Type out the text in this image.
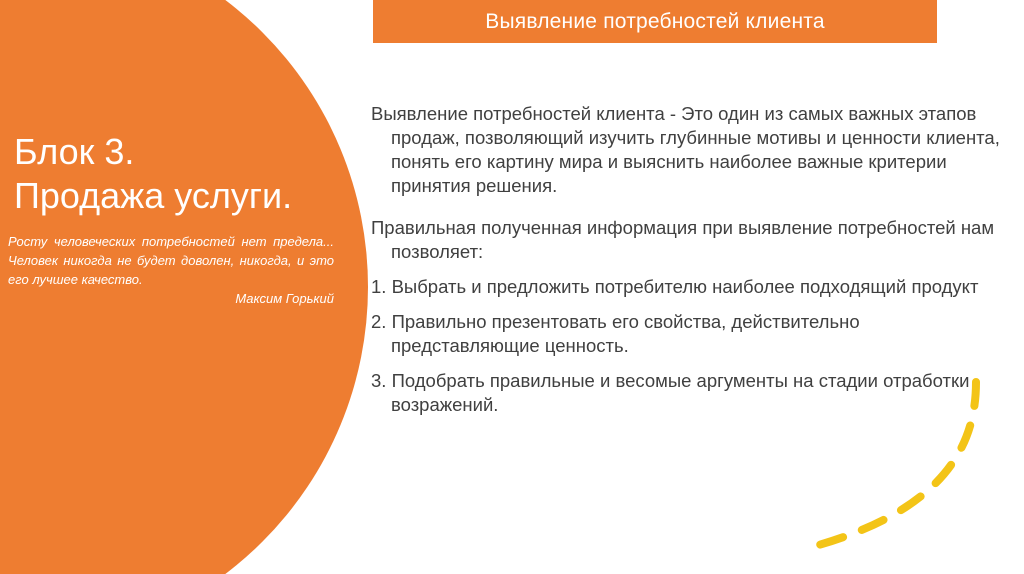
Блок 3.
Продажа услуги.
Росту человеческих потребностей нет предела... Человек никогда не будет доволен, никогда, и это его лучшее качество.
Максим Горький
Выявление потребностей клиента

Выявление потребностей клиента - Это один из самых важных этапов продаж, позволяющий изучить глубинные мотивы и ценности клиента, понять его картину мира и выяснить наиболее важные критерии принятия решения.

Правильная полученная информация при выявление потребностей нам позволяет:

1. Выбрать и предложить потребителю наиболее подходящий продукт

2. Правильно презентовать его свойства, действительно представляющие ценность.

3. Подобрать правильные и весомые аргументы на стадии отработки возражений.
